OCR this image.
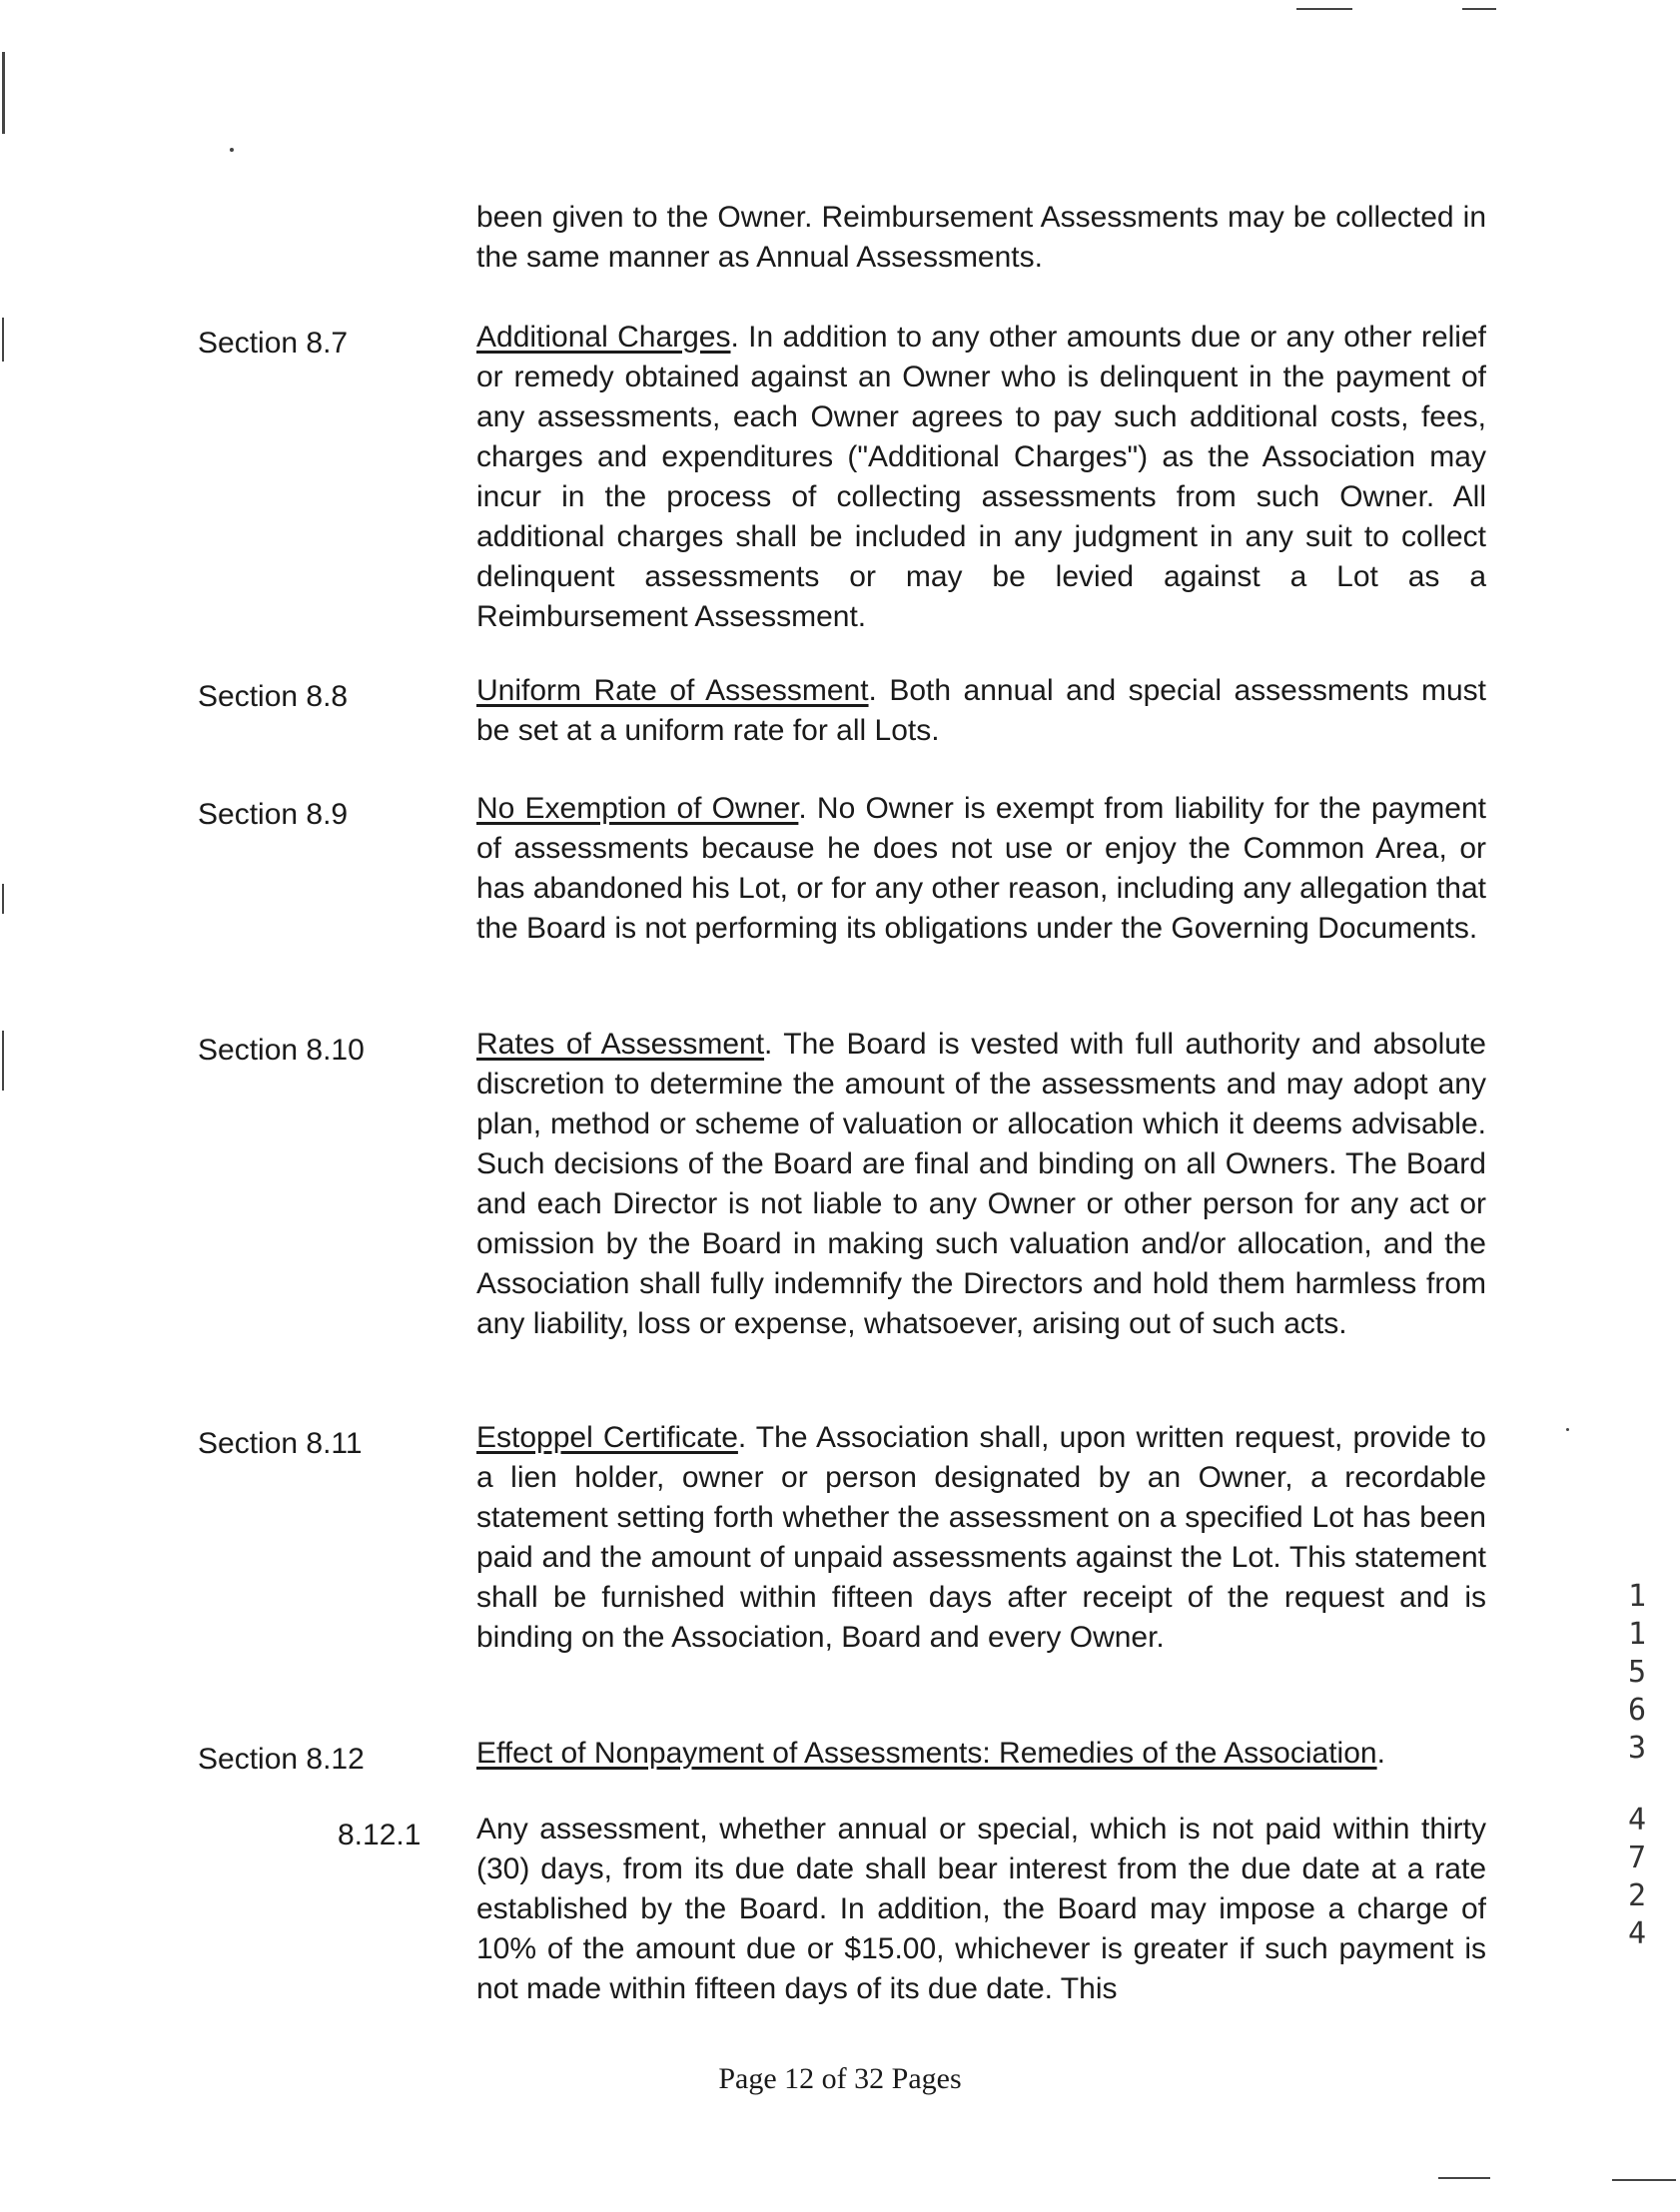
been given to the Owner. Reimbursement Assessments may be collected in the same manner as Annual Assessments.
Section 8.7	Additional Charges. In addition to any other amounts due or any other relief or remedy obtained against an Owner who is delinquent in the payment of any assessments, each Owner agrees to pay such additional costs, fees, charges and expenditures ("Additional Charges") as the Association may incur in the process of collecting assessments from such Owner. All additional charges shall be included in any judgment in any suit to collect delinquent assessments or may be levied against a Lot as a Reimbursement Assessment.
Section 8.8	Uniform Rate of Assessment. Both annual and special assessments must be set at a uniform rate for all Lots.
Section 8.9	No Exemption of Owner. No Owner is exempt from liability for the payment of assessments because he does not use or enjoy the Common Area, or has abandoned his Lot, or for any other reason, including any allegation that the Board is not performing its obligations under the Governing Documents.
Section 8.10	Rates of Assessment. The Board is vested with full authority and absolute discretion to determine the amount of the assessments and may adopt any plan, method or scheme of valuation or allocation which it deems advisable. Such decisions of the Board are final and binding on all Owners. The Board and each Director is not liable to any Owner or other person for any act or omission by the Board in making such valuation and/or allocation, and the Association shall fully indemnify the Directors and hold them harmless from any liability, loss or expense, whatsoever, arising out of such acts.
Section 8.11	Estoppel Certificate. The Association shall, upon written request, provide to a lien holder, owner or person designated by an Owner, a recordable statement setting forth whether the assessment on a specified Lot has been paid and the amount of unpaid assessments against the Lot. This statement shall be furnished within fifteen days after receipt of the request and is binding on the Association, Board and every Owner.
Section 8.12	Effect of Nonpayment of Assessments: Remedies of the Association.
8.12.1 Any assessment, whether annual or special, which is not paid within thirty (30) days, from its due date shall bear interest from the due date at a rate established by the Board. In addition, the Board may impose a charge of 10% of the amount due or $15.00, whichever is greater if such payment is not made within fifteen days of its due date. This
Page 12 of 32 Pages
1
1
5
6
3
4
7
2
4
